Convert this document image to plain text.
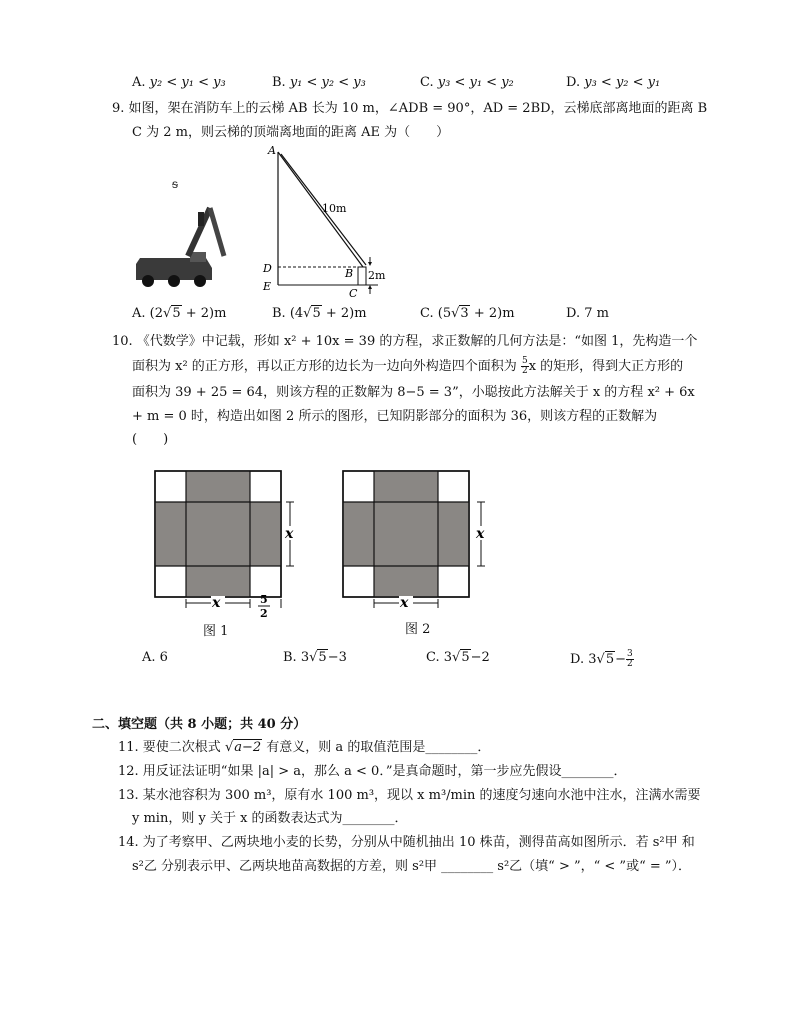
A. y₂ < y₁ < y₃	B. y₁ < y₂ < y₃	C. y₃ < y₁ < y₂	D. y₃ < y₂ < y₁
9. 如图，架在消防车上的云梯 AB 长为 10 m，∠ADB = 90°，AD = 2BD，云梯底部离地面的距离 B
C 为 2 m，则云梯的顶端离地面的距离 AE 为（　　）
ᵴ
A
D
E
B
C
10m
2m
A. (2√5 + 2)m	B. (4√5 + 2)m	C. (5√3 + 2)m	D. 7 m
10. 《代数学》中记载，形如 x² + 10x = 39 的方程，求正数解的几何方法是：“如图 1，先构造一个
面积为 x² 的正方形，再以正方形的边长为一边向外构造四个面积为 $\frac{5}{2}$ x 的矩形，得到大正方形的
面积为 39 + 25 = 64，则该方程的正数解为 8−5 = 3”，小聪按此方法解关于 x 的方程 x² + 6x
+ m = 0 时，构造出如图 2 所示的图形，已知阴影部分的面积为 36，则该方程的正数解为
(　　)
x
x	5
2
图 1
x
x
图 2
A. 6	B. 3√5−3	C. 3√5−2	D. $3√5- \frac{3}{2}$
二、填空题（共 8 小题；共 40 分）
11. 要使二次根式 √a−2 有意义，则 a 的取值范围是________．
12. 用反证法证明“如果 |a| > a，那么 a < 0．”是真命题时，第一步应先假设________．
13. 某水池容积为 300 m³，原有水 100 m³，现以 x m³/min 的速度匀速向水池中注水，注满水需要
y min，则 y 关于 x 的函数表达式为________．
14. 为了考察甲、乙两块地小麦的长势，分别从中随机抽出 10 株苗，测得苗高如图所示．若 s²甲 和
s²乙 分别表示甲、乙两块地苗高数据的方差，则 s²甲 ________ s²乙（填“ > ”，“ < ”或“ = ”）．
